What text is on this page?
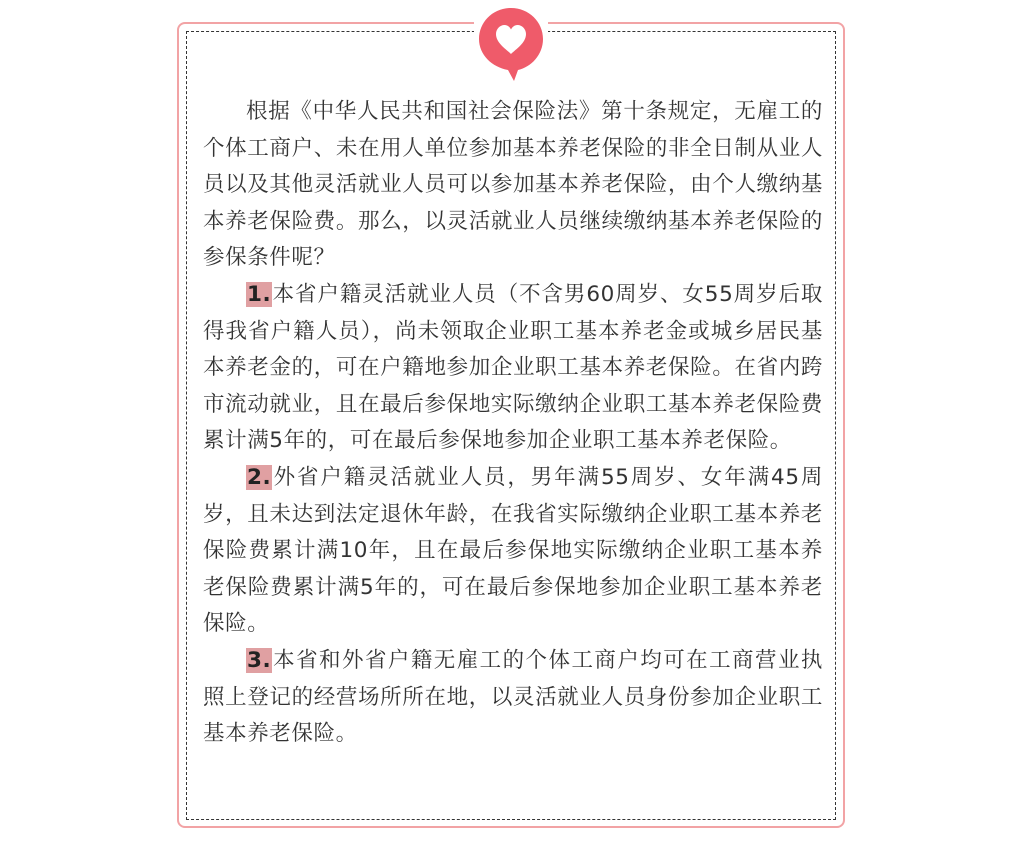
根据《中华人民共和国社会保险法》第十条规定，无雇工的个体工商户、未在用人单位参加基本养老保险的非全日制从业人员以及其他灵活就业人员可以参加基本养老保险，由个人缴纳基本养老保险费。那么，以灵活就业人员继续缴纳基本养老保险的参保条件呢？

1.本省户籍灵活就业人员（不含男60周岁、女55周岁后取得我省户籍人员），尚未领取企业职工基本养老金或城乡居民基本养老金的，可在户籍地参加企业职工基本养老保险。在省内跨市流动就业，且在最后参保地实际缴纳企业职工基本养老保险费累计满5年的，可在最后参保地参加企业职工基本养老保险。

2.外省户籍灵活就业人员，男年满55周岁、女年满45周岁，且未达到法定退休年龄，在我省实际缴纳企业职工基本养老保险费累计满10年，且在最后参保地实际缴纳企业职工基本养老保险费累计满5年的，可在最后参保地参加企业职工基本养老保险。

3.本省和外省户籍无雇工的个体工商户均可在工商营业执照上登记的经营场所所在地，以灵活就业人员身份参加企业职工基本养老保险。
